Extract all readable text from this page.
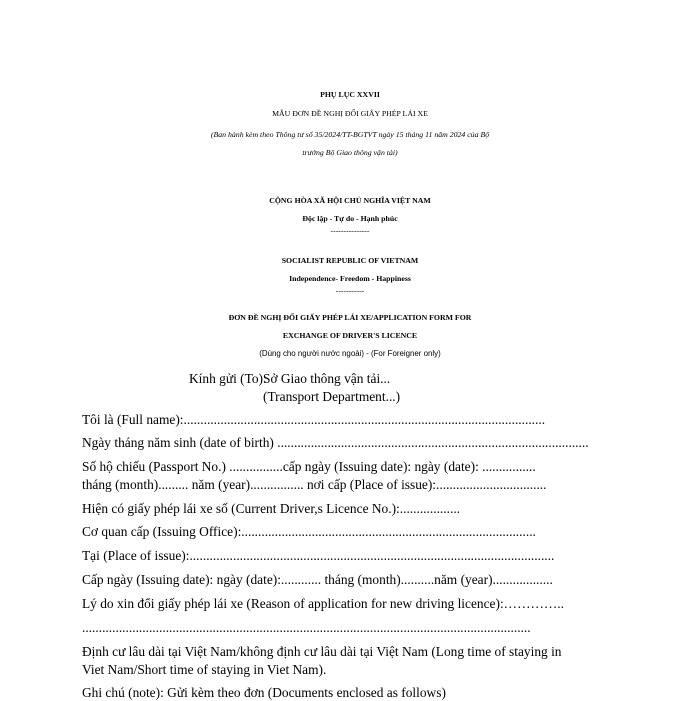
PHỤ LỤC XXVII
MẪU ĐƠN ĐỀ NGHỊ ĐỔI GIẤY PHÉP LÁI XE
(Ban hành kèm theo Thông tư số 35/2024/TT-BGTVT ngày 15 tháng 11 năm 2024 của Bộ
trưởng Bộ Giao thông vận tải)
CỘNG HÒA XÃ HỘI CHỦ NGHĨA VIỆT NAM
Độc lập - Tự do - Hạnh phúc
---------------
SOCIALIST REPUBLIC OF VIETNAM
Independence- Freedom - Happiness
-----------
ĐƠN ĐỀ NGHỊ ĐỔI GIẤY PHÉP LÁI XE/APPLICATION FORM FOR
EXCHANGE OF DRIVER'S LICENCE
(Dùng cho người nước ngoài) - (For Foreigner only)
Kính gửi (To):
Sở Giao thông vận tải...
(Transport Department...)
Tôi là (Full name):............................................................................................................
Ngày tháng năm sinh (date of birth) .............................................................................................
Số hộ chiếu (Passport No.) ................cấp ngày (Issuing date): ngày (date): ................
tháng (month)......... năm (year)................ nơi cấp (Place of issue):.................................
Hiện có giấy phép lái xe số (Current Driver,s Licence No.):..................
Cơ quan cấp (Issuing Office):........................................................................................
Tại (Place of issue):.............................................................................................................
Cấp ngày (Issuing date): ngày (date):............ tháng (month)..........năm (year)..................
Lý do xin đổi giấy phép lái xe (Reason of application for new driving licence):…………..
......................................................................................................................................
Định cư lâu dài tại Việt Nam/không định cư lâu dài tại Việt Nam (Long time of staying in
Viet Nam/Short time of staying in Viet Nam).
Ghi chú (note): Gửi kèm theo đơn (Documents enclosed as follows)
